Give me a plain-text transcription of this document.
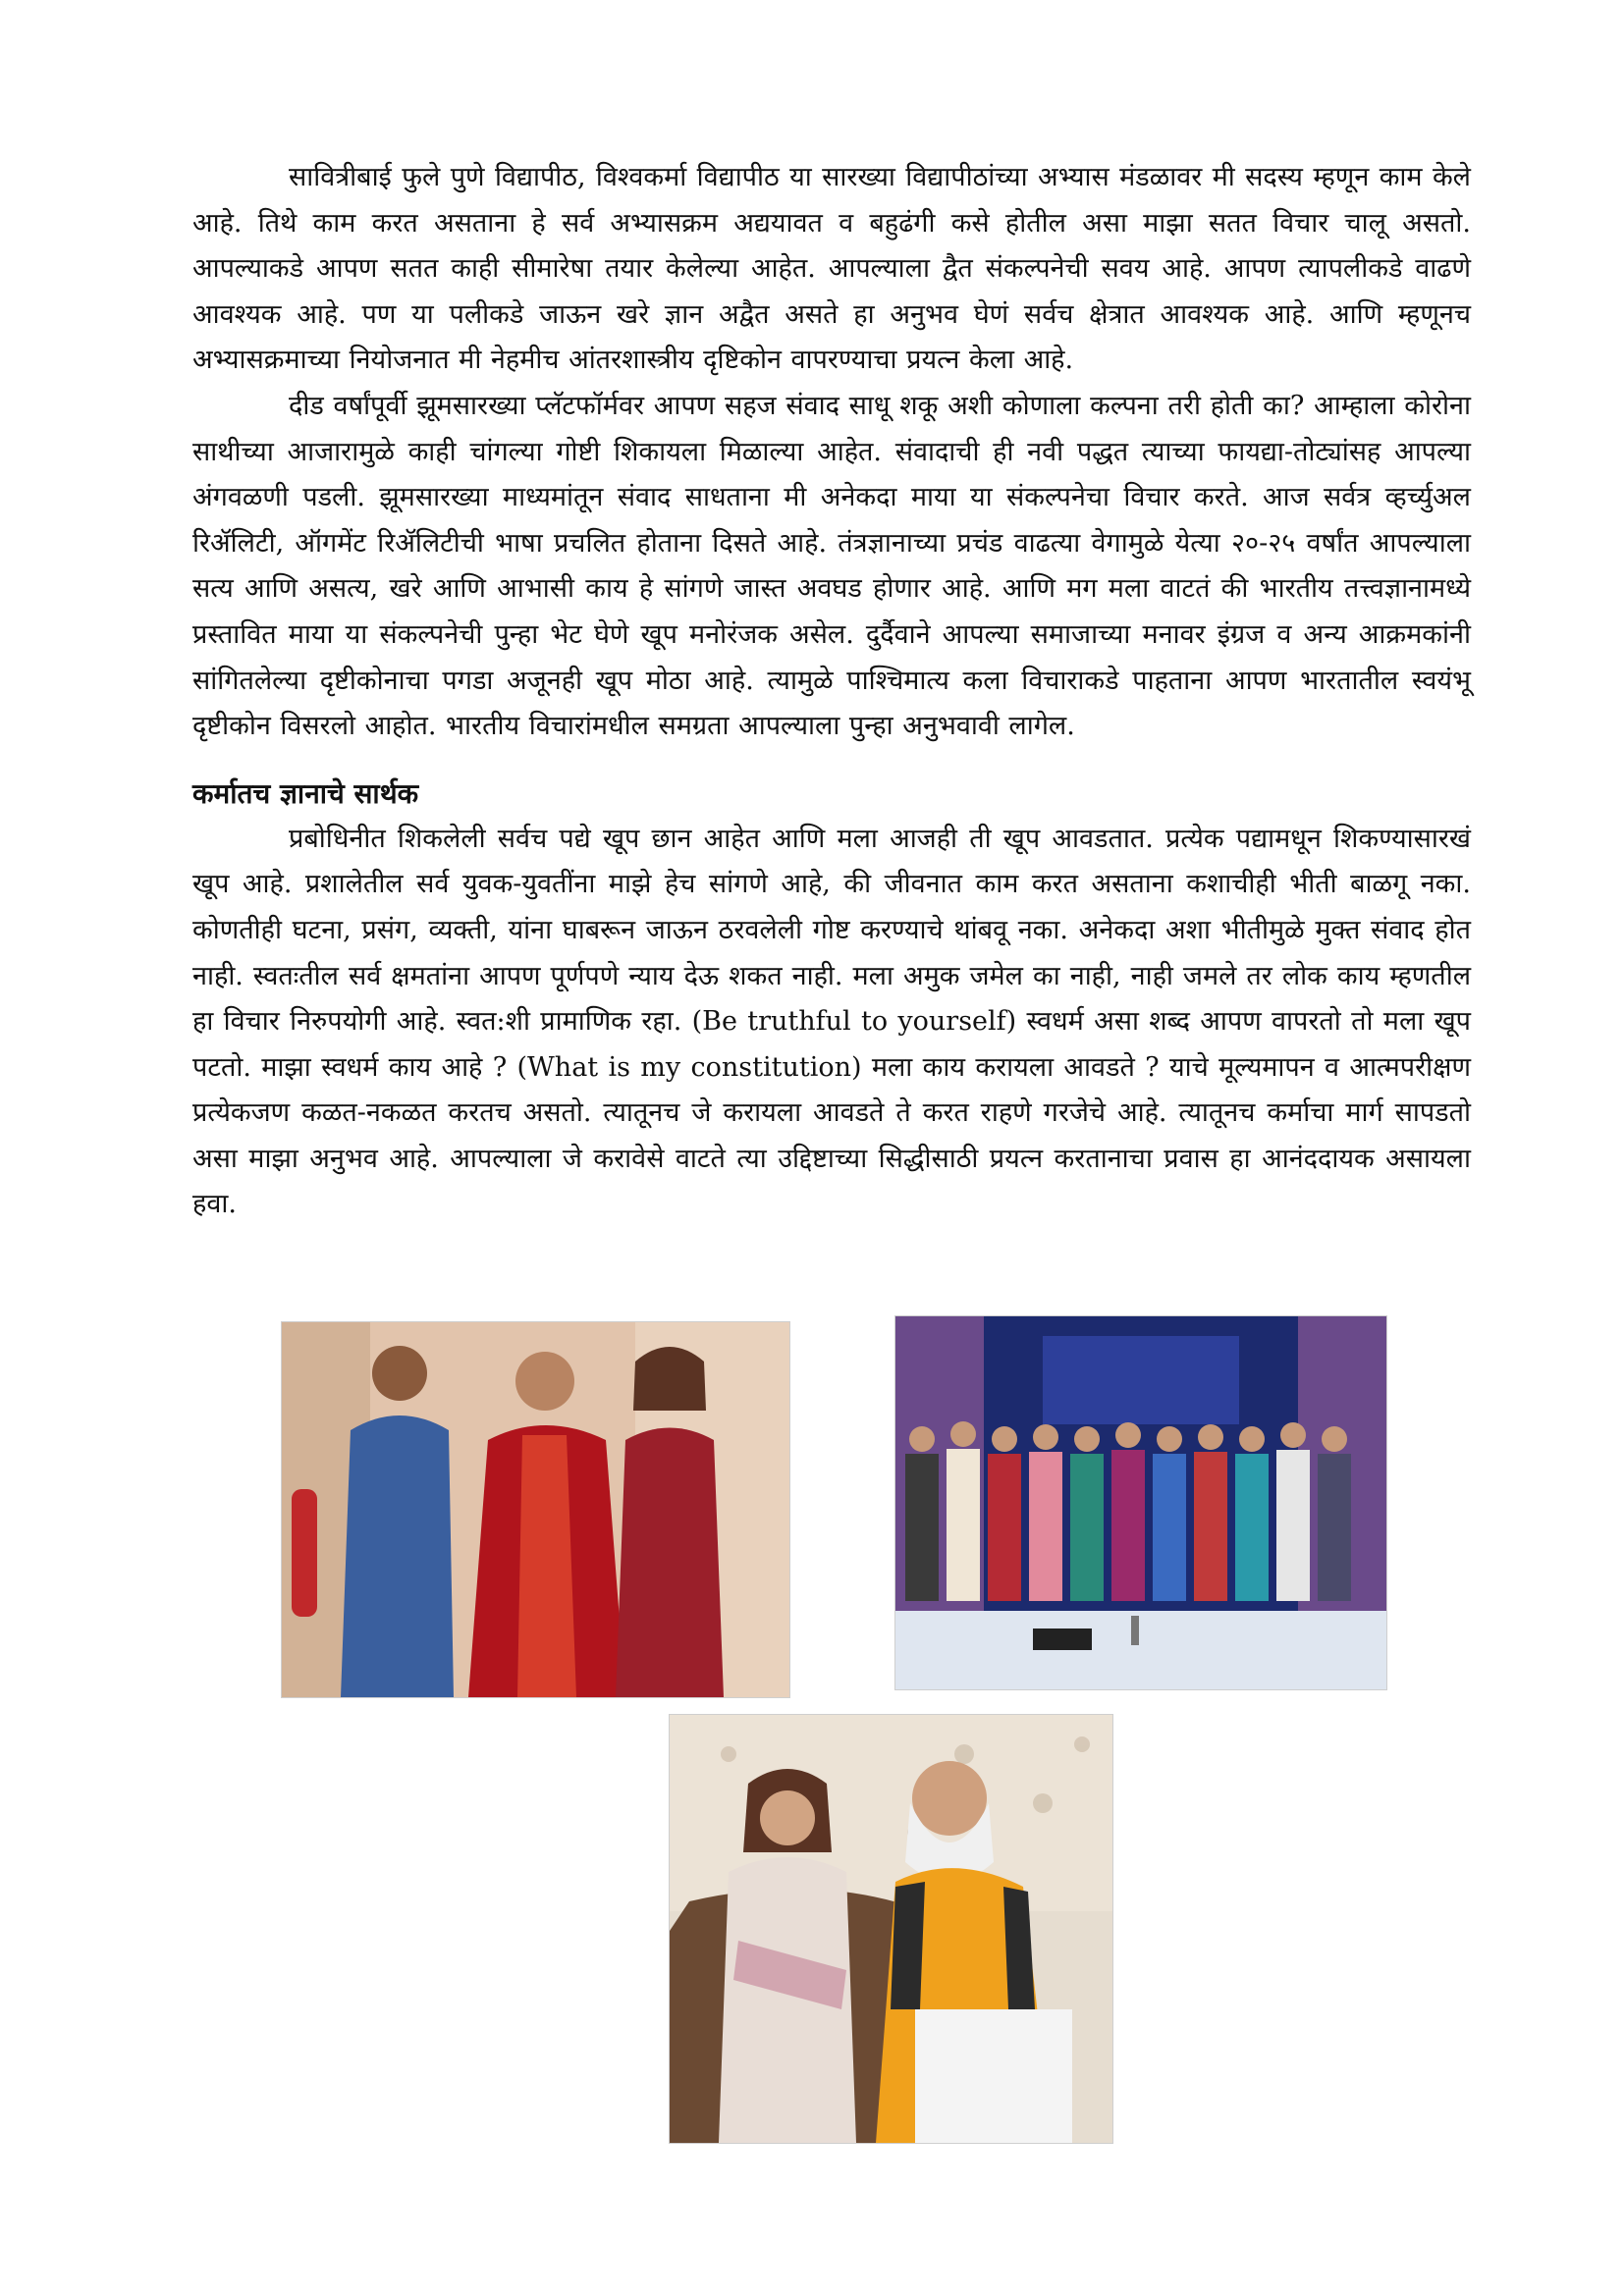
सावित्रीबाई फुले पुणे विद्यापीठ, विश्वकर्मा विद्यापीठ या सारख्या विद्यापीठांच्या अभ्यास मंडळावर मी सदस्य म्हणून काम केले आहे. तिथे काम करत असताना हे सर्व अभ्यासक्रम अद्ययावत व बहुढंगी कसे होतील असा माझा सतत विचार चालू असतो. आपल्याकडे आपण सतत काही सीमारेषा तयार केलेल्या आहेत. आपल्याला द्वैत संकल्पनेची सवय आहे. आपण त्यापलीकडे वाढणे आवश्यक आहे. पण या पलीकडे जाऊन खरे ज्ञान अद्वैत असते हा अनुभव घेणं सर्वच क्षेत्रात आवश्यक आहे. आणि म्हणूनच अभ्यासक्रमाच्या नियोजनात मी नेहमीच आंतरशास्त्रीय दृष्टिकोन वापरण्याचा प्रयत्न केला आहे.

दीड वर्षांपूर्वी झूमसारख्या प्लॅटफॉर्मवर आपण सहज संवाद साधू शकू अशी कोणाला कल्पना तरी होती का? आम्हाला कोरोना साथीच्या आजारामुळे काही चांगल्या गोष्टी शिकायला मिळाल्या आहेत. संवादाची ही नवी पद्धत त्याच्या फायद्या-तोट्यांसह आपल्या अंगवळणी पडली. झूमसारख्या माध्यमांतून संवाद साधताना मी अनेकदा माया या संकल्पनेचा विचार करते. आज सर्वत्र व्हर्च्युअल रिॲलिटी, ऑगमेंट रिॲलिटीची भाषा प्रचलित होताना दिसते आहे. तंत्रज्ञानाच्या प्रचंड वाढत्या वेगामुळे येत्या २०-२५ वर्षांत आपल्याला सत्य आणि असत्य, खरे आणि आभासी काय हे सांगणे जास्त अवघड होणार आहे. आणि मग मला वाटतं की भारतीय तत्त्वज्ञानामध्ये प्रस्तावित माया या संकल्पनेची पुन्हा भेट घेणे खूप मनोरंजक असेल. दुर्दैवाने आपल्या समाजाच्या मनावर इंग्रज व अन्य आक्रमकांनी सांगितलेल्या दृष्टीकोनाचा पगडा अजूनही खूप मोठा आहे. त्यामुळे पाश्चिमात्य कला विचाराकडे पाहताना आपण भारतातील स्वयंभू दृष्टीकोन विसरलो आहोत. भारतीय विचारांमधील समग्रता आपल्याला पुन्हा अनुभवावी लागेल.

कर्मातच ज्ञानाचे सार्थक

प्रबोधिनीत शिकलेली सर्वच पद्ये खूप छान आहेत आणि मला आजही ती खूप आवडतात. प्रत्येक पद्यामधून शिकण्यासारखं खूप आहे. प्रशालेतील सर्व युवक-युवतींना माझे हेच सांगणे आहे, की जीवनात काम करत असताना कशाचीही भीती बाळगू नका. कोणतीही घटना, प्रसंग, व्यक्ती, यांना घाबरून जाऊन ठरवलेली गोष्ट करण्याचे थांबवू नका. अनेकदा अशा भीतीमुळे मुक्त संवाद होत नाही. स्वतःतील सर्व क्षमतांना आपण पूर्णपणे न्याय देऊ शकत नाही. मला अमुक जमेल का नाही, नाही जमले तर लोक काय म्हणतील हा विचार निरुपयोगी आहे. स्वत:शी प्रामाणिक रहा. (Be truthful to yourself) स्वधर्म असा शब्द आपण वापरतो तो मला खूप पटतो. माझा स्वधर्म काय आहे ? (What is my constitution) मला काय करायला आवडते ? याचे मूल्यमापन व आत्मपरीक्षण प्रत्येकजण कळत-नकळत करतच असतो. त्यातूनच जे करायला आवडते ते करत राहणे गरजेचे आहे. त्यातूनच कर्माचा मार्ग सापडतो असा माझा अनुभव आहे. आपल्याला जे करावेसे वाटते त्या उद्दिष्टाच्या सिद्धीसाठी प्रयत्न करतानाचा प्रवास हा आनंददायक असायला हवा.
